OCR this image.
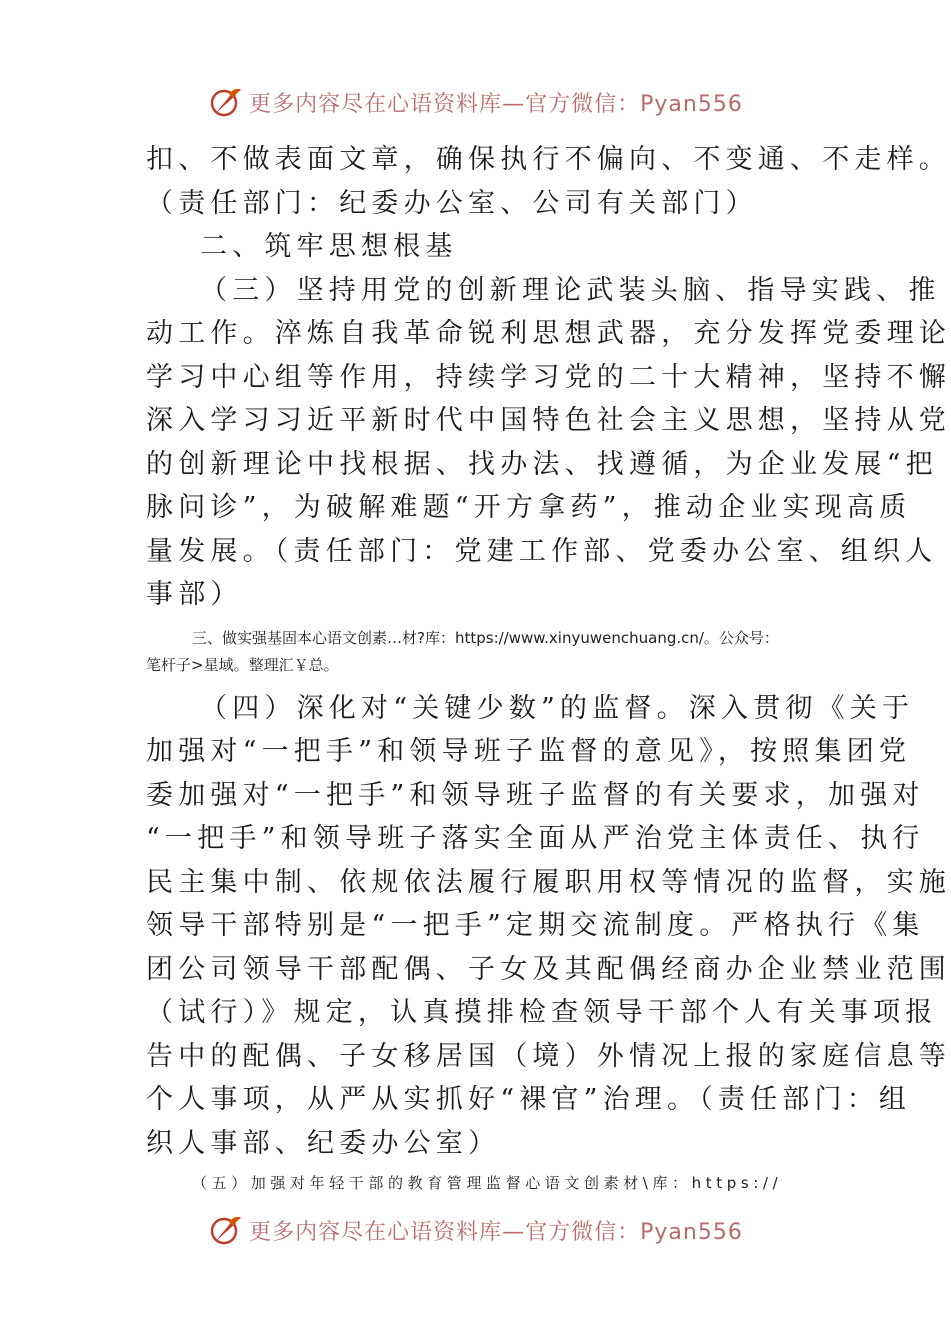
更多内容尽在心语资料库—官方微信：Pyan556
扣、不做表面文章，确保执行不偏向、不变通、不走样。
（责任部门：纪委办公室、公司有关部门）
二、筑牢思想根基
（三）坚持用党的创新理论武装头脑、指导实践、推
动工作。淬炼自我革命锐利思想武器，充分发挥党委理论
学习中心组等作用，持续学习党的二十大精神，坚持不懈
深入学习习近平新时代中国特色社会主义思想，坚持从党
的创新理论中找根据、找办法、找遵循，为企业发展“把
脉问诊”，为破解难题“开方拿药”，推动企业实现高质
量发展。（责任部门：党建工作部、党委办公室、组织人
事部）
三、做实强基固本心语文创素…材?库：https://www.xinyuwenchuang.cn/。公众号：
笔杆子>星域。整理汇￥总。
（四）深化对“关键少数”的监督。深入贯彻《关于
加强对“一把手”和领导班子监督的意见》，按照集团党
委加强对“一把手”和领导班子监督的有关要求，加强对
“一把手”和领导班子落实全面从严治党主体责任、执行
民主集中制、依规依法履行履职用权等情况的监督，实施
领导干部特别是“一把手”定期交流制度。严格执行《集
团公司领导干部配偶、子女及其配偶经商办企业禁业范围
（试行）》规定，认真摸排检查领导干部个人有关事项报
告中的配偶、子女移居国（境）外情况上报的家庭信息等
个人事项，从严从实抓好“裸官”治理。（责任部门：组
织人事部、纪委办公室）
（五）加强对年轻干部的教育管理监督心语文创素材\库：https://
更多内容尽在心语资料库—官方微信：Pyan556
